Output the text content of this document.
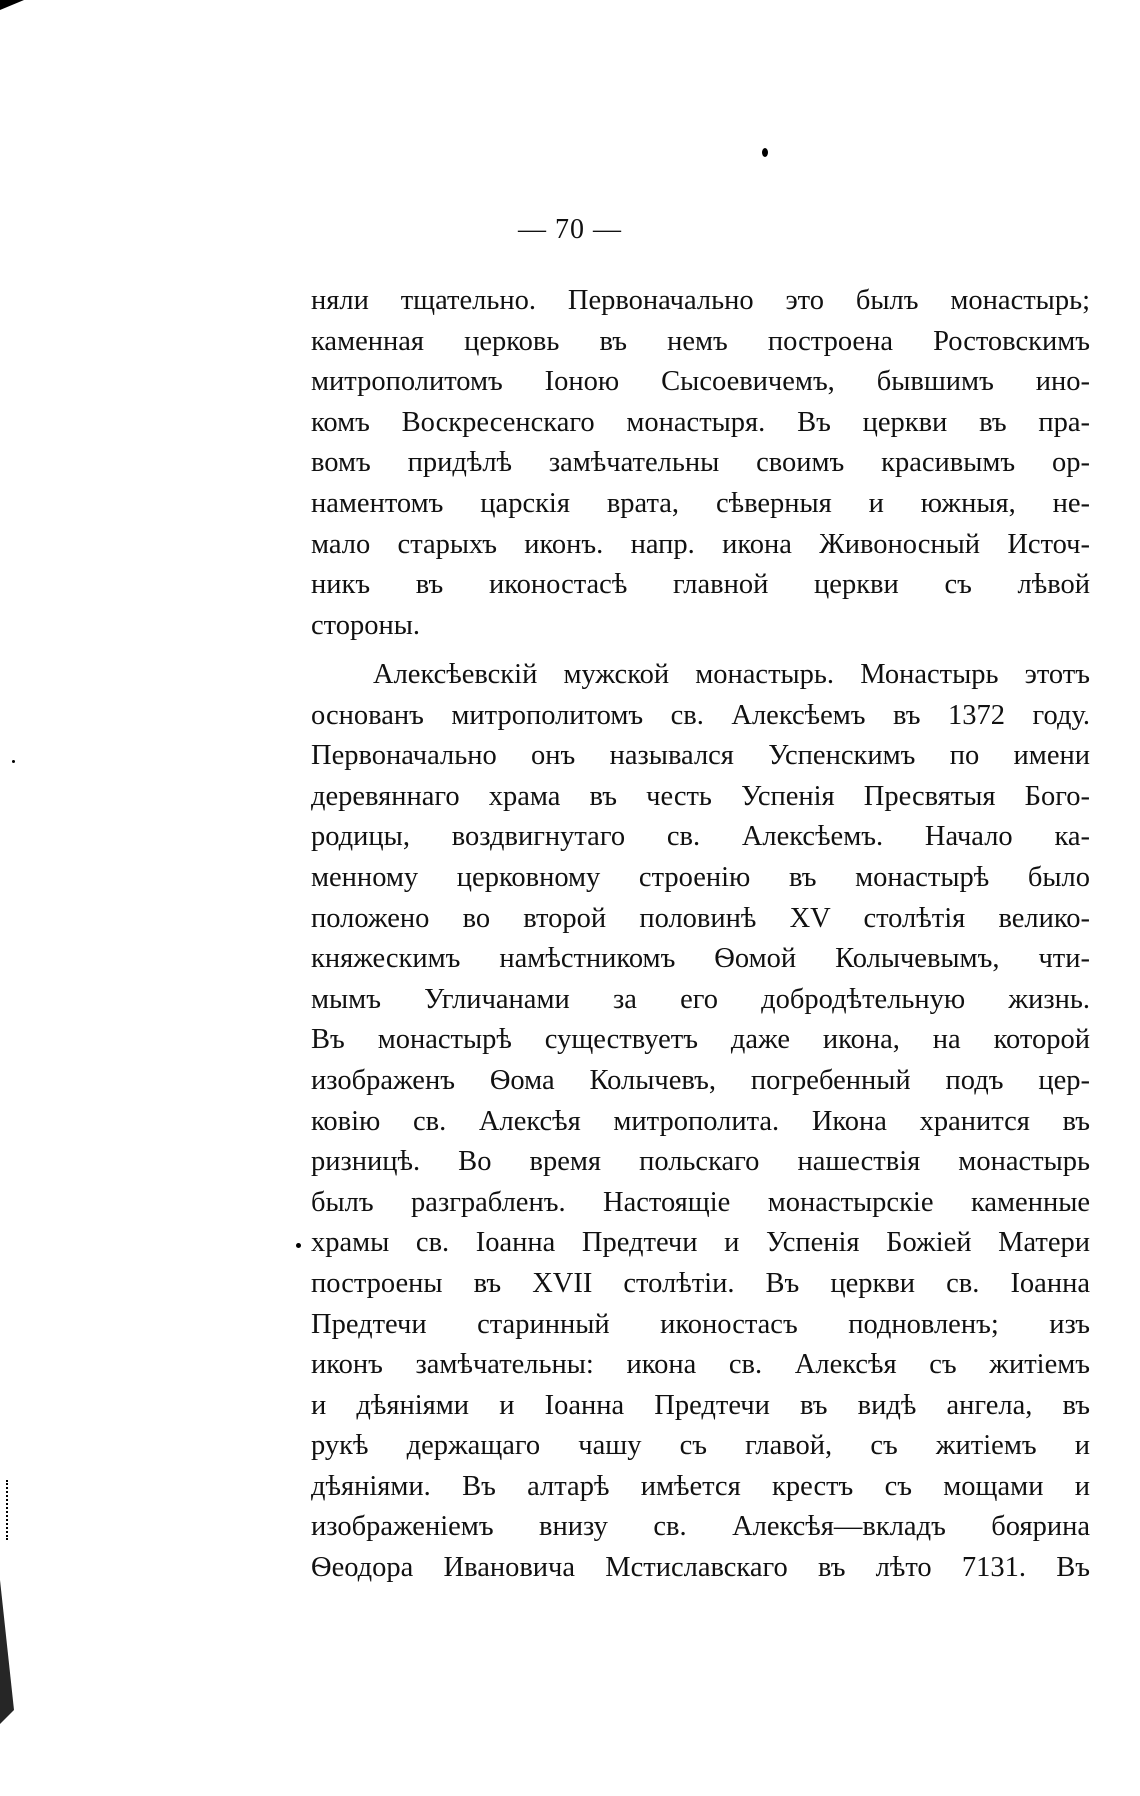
— 70 —
няли тщательно. Первоначально это былъ монастырь;
каменная церковь въ немъ построена Ростовскимъ
митрополитомъ Іоною Сысоевичемъ, бывшимъ ино-
комъ Воскресенскаго монастыря. Въ церкви въ пра-
вомъ придѣлѣ замѣчательны своимъ красивымъ ор-
наментомъ царскія врата, сѣверныя и южныя, не-
мало старыхъ иконъ. напр. икона Живоносный Источ-
никъ въ иконостасѣ главной церкви съ лѣвой
стороны.
Алексѣевскій мужской монастырь. Монастырь этотъ
основанъ митрополитомъ св. Алексѣемъ въ 1372 году.
Первоначально онъ назывался Успенскимъ по имени
деревяннаго храма въ честь Успенія Пресвятыя Бого-
родицы, воздвигнутаго св. Алексѣемъ. Начало ка-
менному церковному строенію въ монастырѣ было
положено во второй половинѣ XV столѣтія велико-
княжескимъ намѣстникомъ Ѳомой Колычевымъ, чти-
мымъ Угличанами за его добродѣтельную жизнь.
Въ монастырѣ существуетъ даже икона, на которой
изображенъ Ѳома Колычевъ, погребенный подъ цер-
ковію св. Алексѣя митрополита. Икона хранится въ
ризницѣ. Во время польскаго нашествія монастырь
былъ разграбленъ. Настоящіе монастырскіе каменные
храмы св. Іоанна Предтечи и Успенія Божіей Матери
построены въ XVII столѣтіи. Въ церкви св. Іоанна
Предтечи старинный иконостасъ подновленъ; изъ
иконъ замѣчательны: икона св. Алексѣя съ житіемъ
и дѣяніями и Іоанна Предтечи въ видѣ ангела, въ
рукѣ держащаго чашу съ главой, съ житіемъ и
дѣяніями. Въ алтарѣ имѣется крестъ съ мощами и
изображеніемъ внизу св. Алексѣя—вкладъ боярина
Ѳеодора Ивановича Мстиславскаго въ лѣто 7131. Въ
